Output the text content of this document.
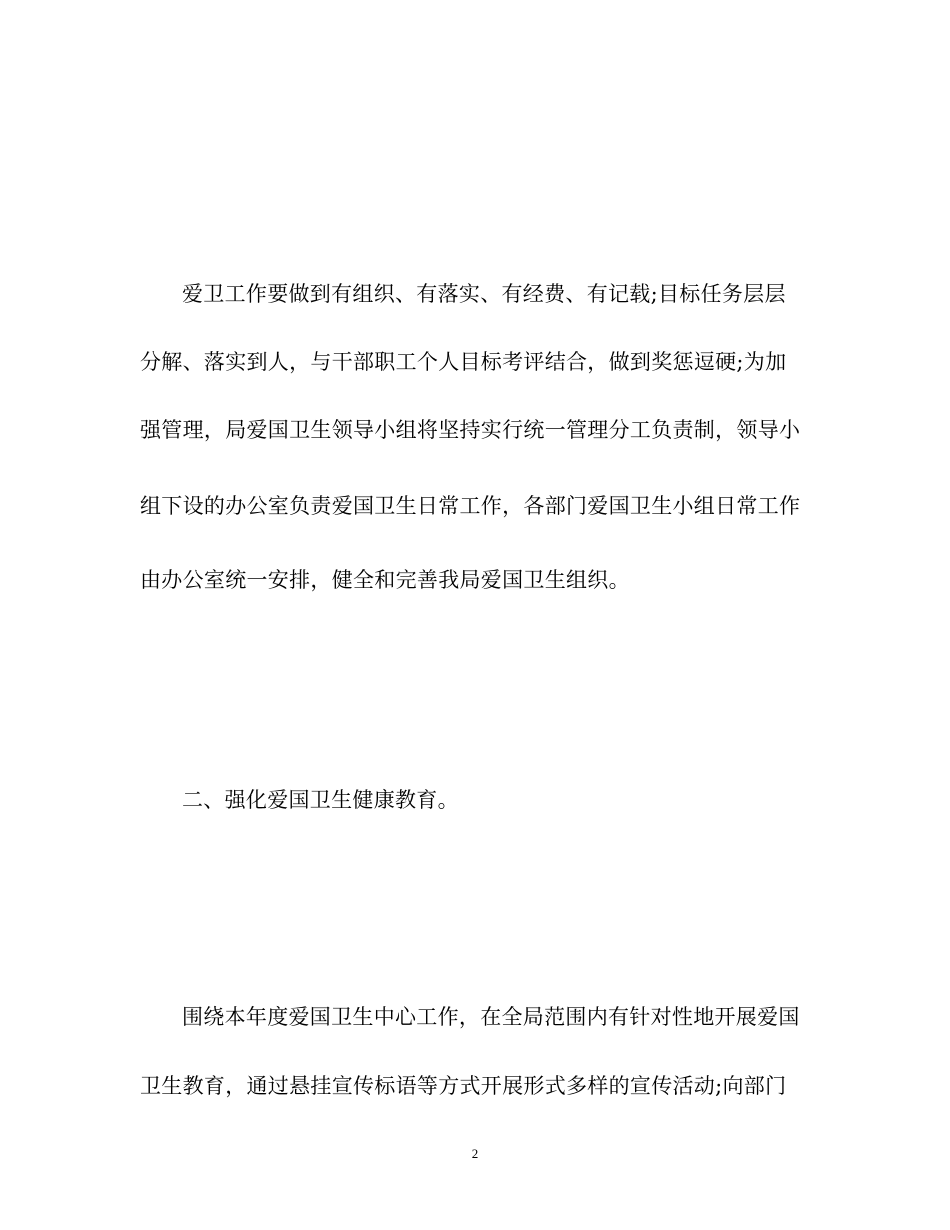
爱卫工作要做到有组织、有落实、有经费、有记载;目标任务层层
分解、落实到人，与干部职工个人目标考评结合，做到奖惩逗硬;为加
强管理，局爱国卫生领导小组将坚持实行统一管理分工负责制，领导小
组下设的办公室负责爱国卫生日常工作，各部门爱国卫生小组日常工作
由办公室统一安排，健全和完善我局爱国卫生组织。
二、强化爱国卫生健康教育。
围绕本年度爱国卫生中心工作，在全局范围内有针对性地开展爱国
卫生教育，通过悬挂宣传标语等方式开展形式多样的宣传活动;向部门
2
